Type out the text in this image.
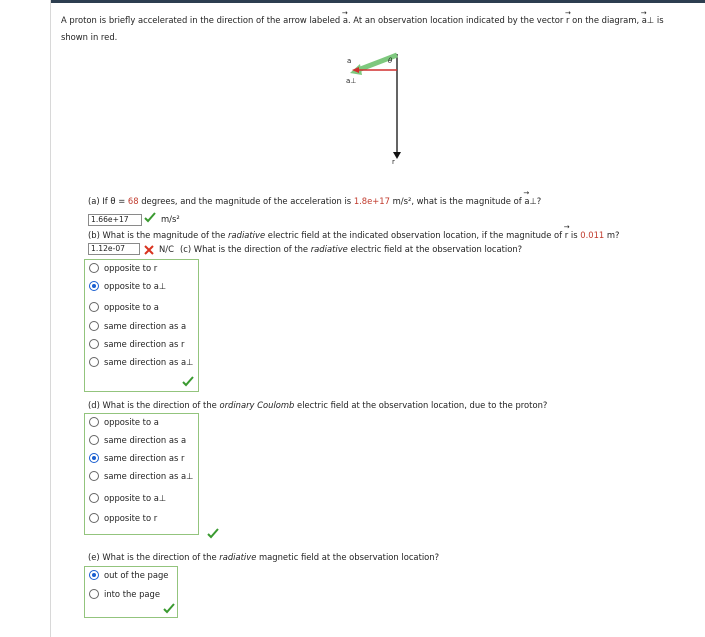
A proton is briefly accelerated in the direction of the arrow labeled → a. At an observation location indicated by the vector → r on the diagram, → a⊥ is
shown in red.
a
a⊥
θ
r
(a) If θ = 68 degrees, and the magnitude of the acceleration is 1.8e+17 m/s², what is the magnitude of → a⊥?
1.66e+17	m/s²
(b) What is the magnitude of the radiative electric field at the indicated observation location, if the magnitude of → r is 0.011 m?
1.12e-07	N/C (c) What is the direction of the radiative electric field at the observation location?
opposite to r
opposite to a⊥
opposite to a
same direction as a
same direction as r
same direction as a⊥
(d) What is the direction of the ordinary Coulomb electric field at the observation location, due to the proton?
opposite to a
same direction as a
same direction as r
same direction as a⊥
opposite to a⊥
opposite to r
(e) What is the direction of the radiative magnetic field at the observation location?
out of the page
into the page
